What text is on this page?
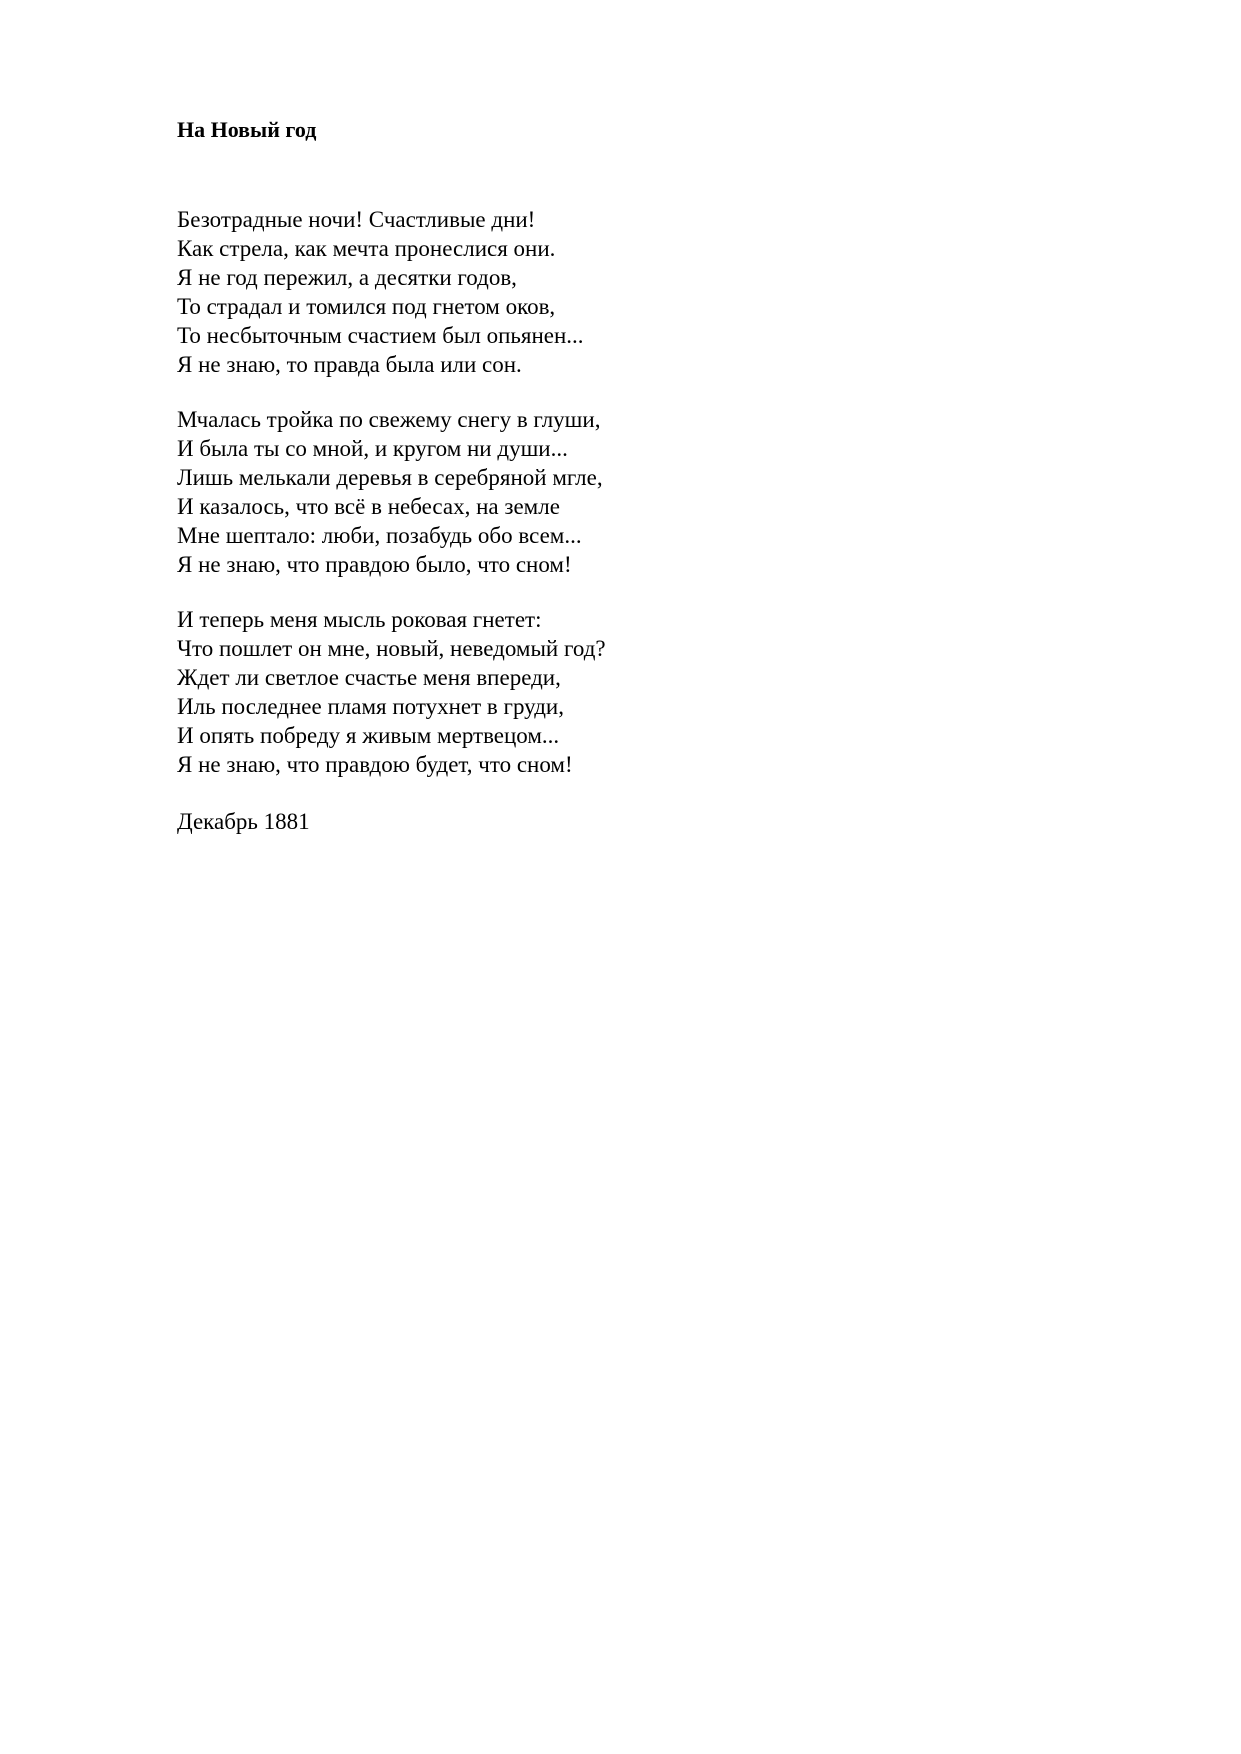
На Новый год

Безотрадные ночи! Счастливые дни!
Как стрела, как мечта пронеслися они.
Я не год пережил, а десятки годов,
То страдал и томился под гнетом оков,
То несбыточным счастием был опьянен...
Я не знаю, то правда была или сон.

Мчалась тройка по свежему снегу в глуши,
И была ты со мной, и кругом ни души...
Лишь мелькали деревья в серебряной мгле,
И казалось, что всё в небесах, на земле
Мне шептало: люби, позабудь обо всем...
Я не знаю, что правдою было, что сном!

И теперь меня мысль роковая гнетет:
Что пошлет он мне, новый, неведомый год?
Ждет ли светлое счастье меня впереди,
Иль последнее пламя потухнет в груди,
И опять побреду я живым мертвецом...
Я не знаю, что правдою будет, что сном!

Декабрь 1881
